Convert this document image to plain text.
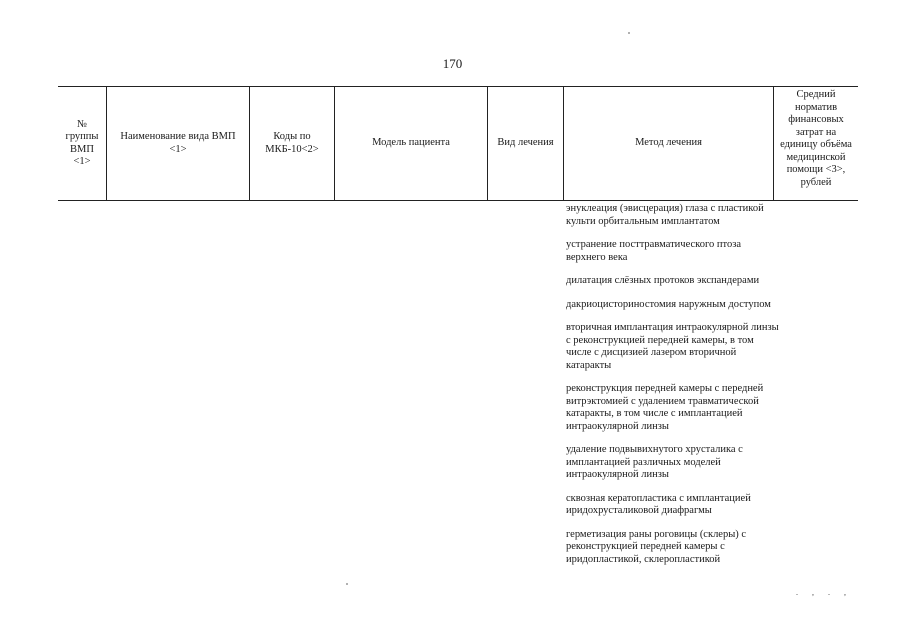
170
№ группы ВМП <1>
Наименование вида ВМП <1>
Коды по МКБ-10<2>
Модель пациента	Вид лечения	Метод лечения
Средний норматив финансовых затрат на единицу объёма медицинской помощи <3>, рублей
энуклеация (эвисцерация) глаза с пластикой культи орбитальным имплантатом
устранение посттравматического птоза верхнего века
дилатация слёзных протоков экспандерами
дакриоцисториностомия наружным доступом
вторичная имплантация интраокулярной линзы с реконструкцией передней камеры, в том числе с дисцизией лазером вторичной катаракты
реконструкция передней камеры с передней витрэктомией с удалением травматической катаракты, в том числе с имплантацией интраокулярной линзы
удаление подвывихнутого хрусталика с имплантацией различных моделей интраокулярной линзы
сквозная кератопластика с имплантацией иридохрусталиковой диафрагмы
герметизация раны роговицы (склеры) с реконструкцией передней камеры с иридопластикой, склеропластикой
. , . ,
